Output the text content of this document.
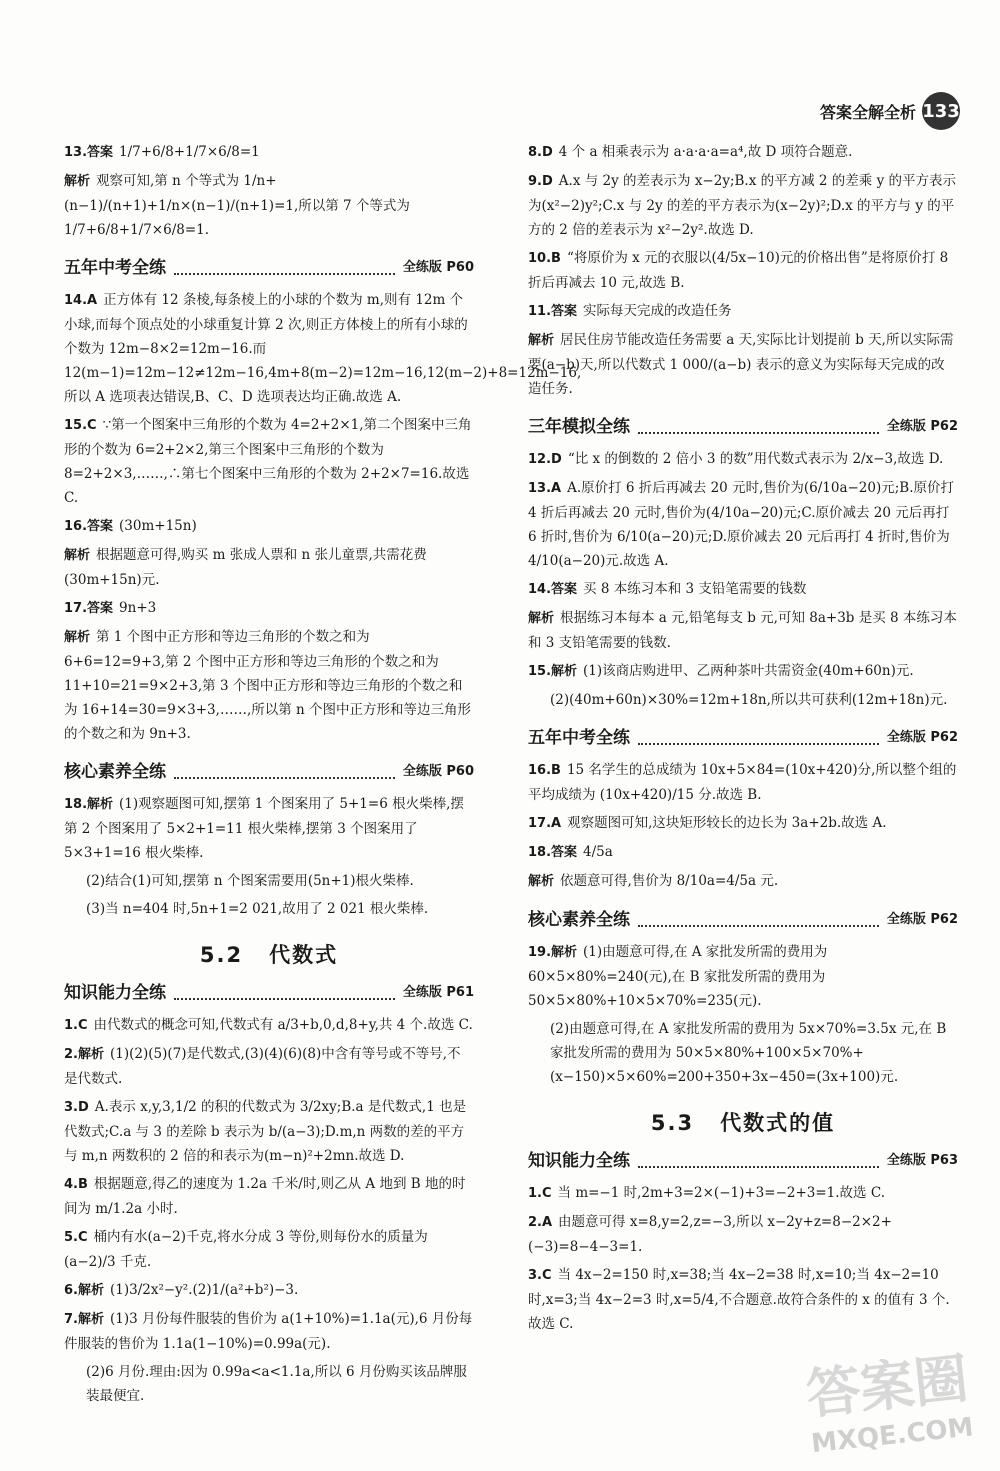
答案全解全析 133
13.答案 1/7+6/8+1/7×6/8=1
解析 观察可知,第 n 个等式为 1/n+(n−1)/(n+1)+1/n×(n−1)/(n+1)=1,所以第 7 个等式为 1/7+6/8+1/7×6/8=1.
五年中考全练	全练版 P60
14.A 正方体有 12 条棱,每条棱上的小球的个数为 m,则有 12m 个小球,而每个顶点处的小球重复计算 2 次,则正方体棱上的所有小球的个数为 12m−8×2=12m−16.而 12(m−1)=12m−12≠12m−16,4m+8(m−2)=12m−16,12(m−2)+8=12m−16,所以 A 选项表达错误,B、C、D 选项表达均正确.故选 A.
15.C ∵第一个图案中三角形的个数为 4=2+2×1,第二个图案中三角形的个数为 6=2+2×2,第三个图案中三角形的个数为 8=2+2×3,……,∴第七个图案中三角形的个数为 2+2×7=16.故选 C.
16.答案 (30m+15n)
解析 根据题意可得,购买 m 张成人票和 n 张儿童票,共需花费(30m+15n)元.
17.答案 9n+3
解析 第 1 个图中正方形和等边三角形的个数之和为 6+6=12=9+3,第 2 个图中正方形和等边三角形的个数之和为 11+10=21=9×2+3,第 3 个图中正方形和等边三角形的个数之和为 16+14=30=9×3+3,……,所以第 n 个图中正方形和等边三角形的个数之和为 9n+3.
核心素养全练	全练版 P60
18.解析 (1)观察题图可知,摆第 1 个图案用了 5+1=6 根火柴棒,摆第 2 个图案用了 5×2+1=11 根火柴棒,摆第 3 个图案用了 5×3+1=16 根火柴棒.
(2)结合(1)可知,摆第 n 个图案需要用(5n+1)根火柴棒.
(3)当 n=404 时,5n+1=2 021,故用了 2 021 根火柴棒.
5.2 代数式
知识能力全练	全练版 P61
1.C 由代数式的概念可知,代数式有 a/3+b,0,d,8+y,共 4 个.故选 C.
2.解析 (1)(2)(5)(7)是代数式,(3)(4)(6)(8)中含有等号或不等号,不是代数式.
3.D A.表示 x,y,3,1/2 的积的代数式为 3/2xy;B.a 是代数式,1 也是代数式;C.a 与 3 的差除 b 表示为 b/(a−3);D.m,n 两数的差的平方与 m,n 两数积的 2 倍的和表示为(m−n)²+2mn.故选 D.
4.B 根据题意,得乙的速度为 1.2a 千米/时,则乙从 A 地到 B 地的时间为 m/1.2a 小时.
5.C 桶内有水(a−2)千克,将水分成 3 等份,则每份水的质量为 (a−2)/3 千克.
6.解析 (1)3/2x²−y².(2)1/(a²+b²)−3.
7.解析 (1)3 月份每件服装的售价为 a(1+10%)=1.1a(元),6 月份每件服装的售价为 1.1a(1−10%)=0.99a(元).
(2)6 月份.理由:因为 0.99a<a<1.1a,所以 6 月份购买该品牌服装最便宜.
8.D 4 个 a 相乘表示为 a·a·a·a=a⁴,故 D 项符合题意.
9.D A.x 与 2y 的差表示为 x−2y;B.x 的平方减 2 的差乘 y 的平方表示为(x²−2)y²;C.x 与 2y 的差的平方表示为(x−2y)²;D.x 的平方与 y 的平方的 2 倍的差表示为 x²−2y².故选 D.
10.B “将原价为 x 元的衣服以(4/5x−10)元的价格出售”是将原价打 8 折后再减去 10 元,故选 B.
11.答案 实际每天完成的改造任务
解析 居民住房节能改造任务需要 a 天,实际比计划提前 b 天,所以实际需要(a−b)天,所以代数式 1 000/(a−b) 表示的意义为实际每天完成的改造任务.
三年模拟全练	全练版 P62
12.D “比 x 的倒数的 2 倍小 3 的数”用代数式表示为 2/x−3,故选 D.
13.A A.原价打 6 折后再减去 20 元时,售价为(6/10a−20)元;B.原价打 4 折后再减去 20 元时,售价为(4/10a−20)元;C.原价减去 20 元后再打 6 折时,售价为 6/10(a−20)元;D.原价减去 20 元后再打 4 折时,售价为 4/10(a−20)元.故选 A.
14.答案 买 8 本练习本和 3 支铅笔需要的钱数
解析 根据练习本每本 a 元,铅笔每支 b 元,可知 8a+3b 是买 8 本练习本和 3 支铅笔需要的钱数.
15.解析 (1)该商店购进甲、乙两种茶叶共需资金(40m+60n)元.
(2)(40m+60n)×30%=12m+18n,所以共可获利(12m+18n)元.
五年中考全练	全练版 P62
16.B 15 名学生的总成绩为 10x+5×84=(10x+420)分,所以整个组的平均成绩为 (10x+420)/15 分.故选 B.
17.A 观察题图可知,这块矩形较长的边长为 3a+2b.故选 A.
18.答案 4/5a
解析 依题意可得,售价为 8/10a=4/5a 元.
核心素养全练	全练版 P62
19.解析 (1)由题意可得,在 A 家批发所需的费用为 60×5×80%=240(元),在 B 家批发所需的费用为 50×5×80%+10×5×70%=235(元).
(2)由题意可得,在 A 家批发所需的费用为 5x×70%=3.5x 元,在 B 家批发所需的费用为 50×5×80%+100×5×70%+(x−150)×5×60%=200+350+3x−450=(3x+100)元.
5.3 代数式的值
知识能力全练	全练版 P63
1.C 当 m=−1 时,2m+3=2×(−1)+3=−2+3=1.故选 C.
2.A 由题意可得 x=8,y=2,z=−3,所以 x−2y+z=8−2×2+(−3)=8−4−3=1.
3.C 当 4x−2=150 时,x=38;当 4x−2=38 时,x=10;当 4x−2=10 时,x=3;当 4x−2=3 时,x=5/4,不合题意.故符合条件的 x 的值有 3 个.故选 C.
答案圈
MXQE.COM
